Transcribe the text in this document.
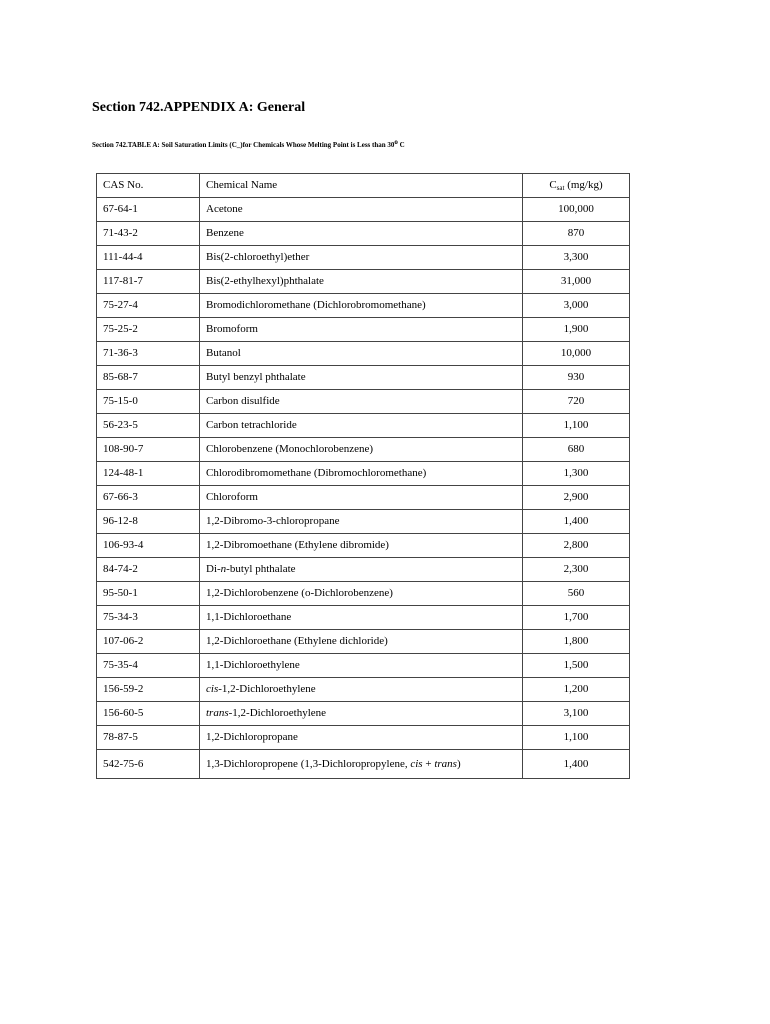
Section 742.APPENDIX A: General
Section 742.TABLE A: Soil Saturation Limits (C_)for Chemicals Whose Melting Point is Less than 30$^o$ C
CAS No.	Chemical Name	Csat (mg/kg)
67-64-1	Acetone	100,000
71-43-2	Benzene	870
111-44-4	Bis(2-chloroethyl)ether	3,300
117-81-7	Bis(2-ethylhexyl)phthalate	31,000
75-27-4	Bromodichloromethane (Dichlorobromomethane)	3,000
75-25-2	Bromoform	1,900
71-36-3	Butanol	10,000
85-68-7	Butyl benzyl phthalate	930
75-15-0	Carbon disulfide	720
56-23-5	Carbon tetrachloride	1,100
108-90-7	Chlorobenzene (Monochlorobenzene)	680
124-48-1	Chlorodibromomethane (Dibromochloromethane)	1,300
67-66-3	Chloroform	2,900
96-12-8	1,2-Dibromo-3-chloropropane	1,400
106-93-4	1,2-Dibromoethane (Ethylene dibromide)	2,800
84-74-2	Di-n-butyl phthalate	2,300
95-50-1	1,2-Dichlorobenzene (o-Dichlorobenzene)	560
75-34-3	1,1-Dichloroethane	1,700
107-06-2	1,2-Dichloroethane (Ethylene dichloride)	1,800
75-35-4	1,1-Dichloroethylene	1,500
156-59-2	cis-1,2-Dichloroethylene	1,200
156-60-5	trans-1,2-Dichloroethylene	3,100
78-87-5	1,2-Dichloropropane	1,100
542-75-6	1,3-Dichloropropene (1,3-Dichloropropylene, cis + trans)	1,400
